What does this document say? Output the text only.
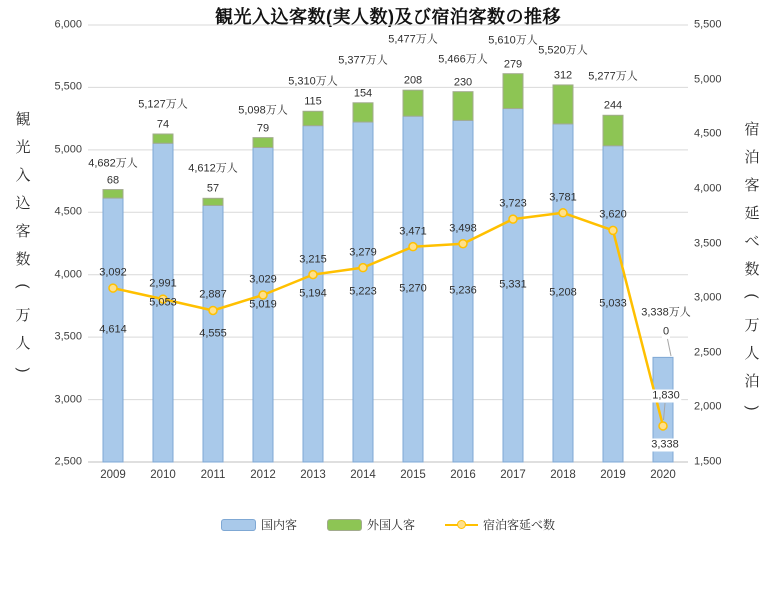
観光入込客数(実人数)及び宿泊客数の推移
観
光
入
込
客
数
(
万
人
)
宿
泊
客
延
べ
数
(
万
人
泊
)
2,500
3,000
3,500
4,000
4,500
5,000
5,500
6,000
1,500
2,000
2,500
3,000
3,500
4,000
4,500
5,000
5,500
2009 2010 2011 2012 2013 2014 2015 2016 2017 2018 2019 2020
4,614
68
3,092
4,682万人
5,053
74
2,991
5,127万人
4,555
57
2,887
4,612万人
5,019
79
3,029
5,098万人
5,194
115
3,215
5,310万人
5,223
154
3,279
5,377万人
5,270
208
3,471
5,477万人
5,236
230
3,498
5,466万人
5,331
279
3,723
5,610万人
5,208
312
3,781
5,520万人
5,033
244
3,620
5,277万人
3,338
0
1,830
3,338万人
国内客	外国人客	宿泊客延べ数
